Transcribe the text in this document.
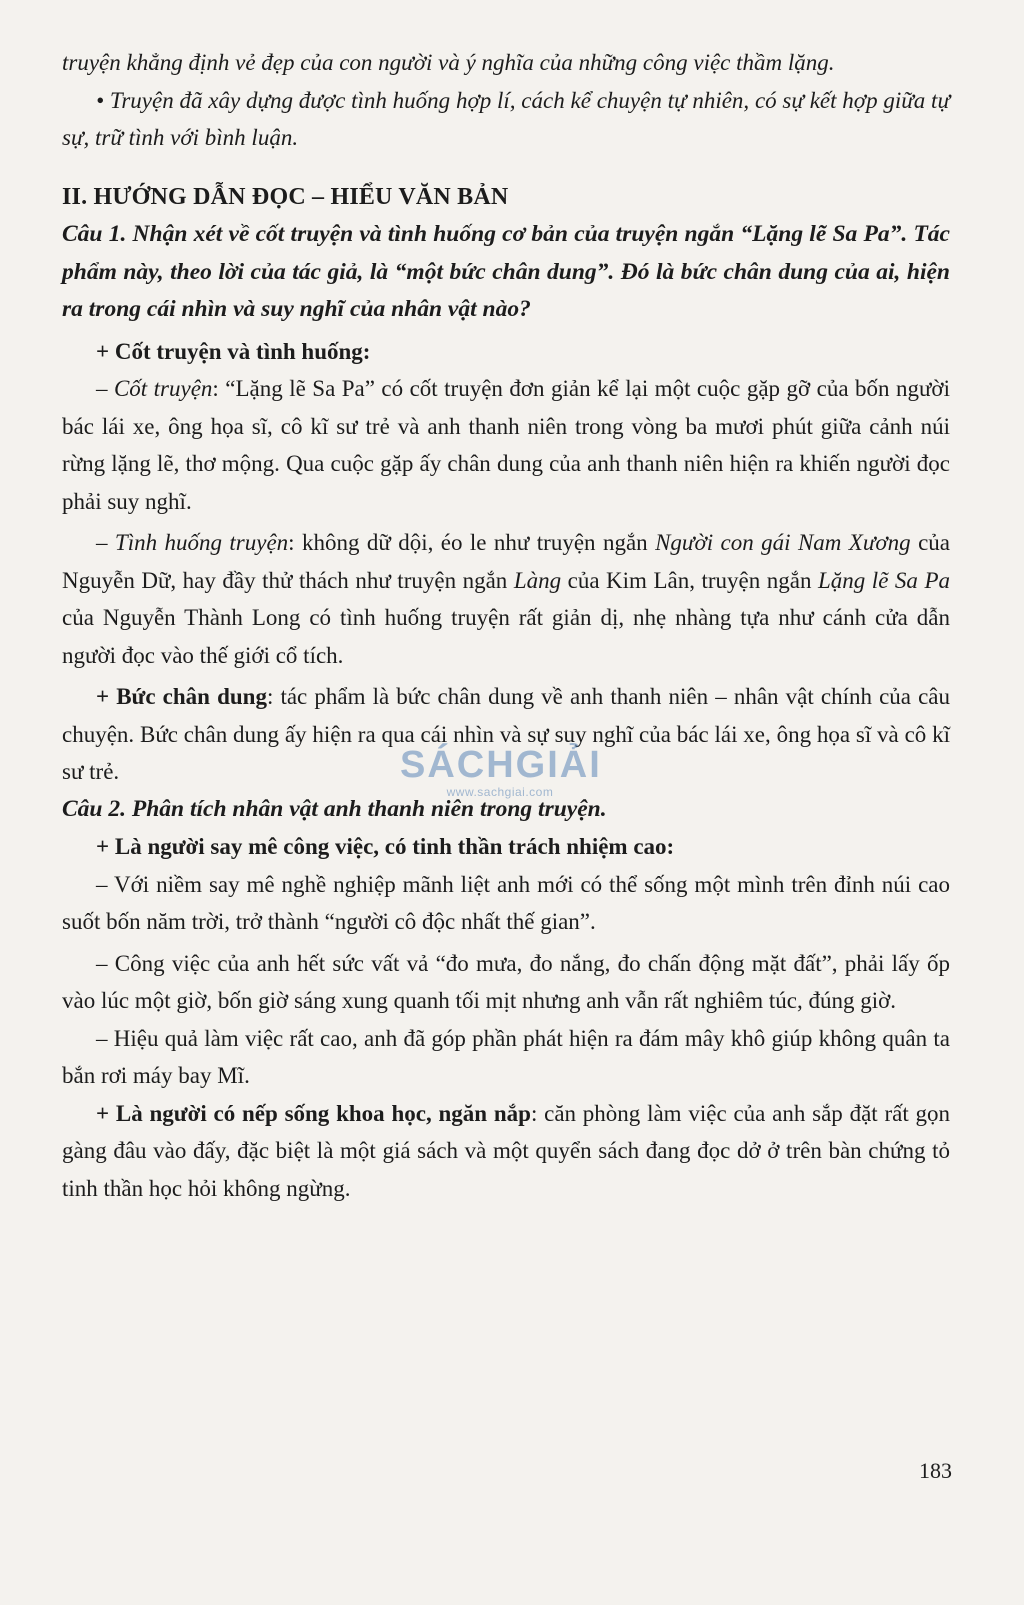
truyện khẳng định vẻ đẹp của con người và ý nghĩa của những công việc thầm lặng.

• Truyện đã xây dựng được tình huống hợp lí, cách kể chuyện tự nhiên, có sự kết hợp giữa tự sự, trữ tình với bình luận.

II. HƯỚNG DẪN ĐỌC – HIỂU VĂN BẢN

Câu 1. Nhận xét về cốt truyện và tình huống cơ bản của truyện ngắn “Lặng lẽ Sa Pa”. Tác phẩm này, theo lời của tác giả, là “một bức chân dung”. Đó là bức chân dung của ai, hiện ra trong cái nhìn và suy nghĩ của nhân vật nào?

+ Cốt truyện và tình huống:

– Cốt truyện: “Lặng lẽ Sa Pa” có cốt truyện đơn giản kể lại một cuộc gặp gỡ của bốn người bác lái xe, ông họa sĩ, cô kĩ sư trẻ và anh thanh niên trong vòng ba mươi phút giữa cảnh núi rừng lặng lẽ, thơ mộng. Qua cuộc gặp ấy chân dung của anh thanh niên hiện ra khiến người đọc phải suy nghĩ.

– Tình huống truyện: không dữ dội, éo le như truyện ngắn Người con gái Nam Xương của Nguyễn Dữ, hay đầy thử thách như truyện ngắn Làng của Kim Lân, truyện ngắn Lặng lẽ Sa Pa của Nguyễn Thành Long có tình huống truyện rất giản dị, nhẹ nhàng tựa như cánh cửa dẫn người đọc vào thế giới cổ tích.

+ Bức chân dung: tác phẩm là bức chân dung về anh thanh niên – nhân vật chính của câu chuyện. Bức chân dung ấy hiện ra qua cái nhìn và sự suy nghĩ của bác lái xe, ông họa sĩ và cô kĩ sư trẻ.

Câu 2. Phân tích nhân vật anh thanh niên trong truyện.

+ Là người say mê công việc, có tinh thần trách nhiệm cao:

– Với niềm say mê nghề nghiệp mãnh liệt anh mới có thể sống một mình trên đỉnh núi cao suốt bốn năm trời, trở thành “người cô độc nhất thế gian”.

– Công việc của anh hết sức vất vả “đo mưa, đo nắng, đo chấn động mặt đất”, phải lấy ốp vào lúc một giờ, bốn giờ sáng xung quanh tối mịt nhưng anh vẫn rất nghiêm túc, đúng giờ.

– Hiệu quả làm việc rất cao, anh đã góp phần phát hiện ra đám mây khô giúp không quân ta bắn rơi máy bay Mĩ.

+ Là người có nếp sống khoa học, ngăn nắp: căn phòng làm việc của anh sắp đặt rất gọn gàng đâu vào đấy, đặc biệt là một giá sách và một quyển sách đang đọc dở ở trên bàn chứng tỏ tinh thần học hỏi không ngừng.

SÁCHGIẢI
www.sachgiai.com
183
